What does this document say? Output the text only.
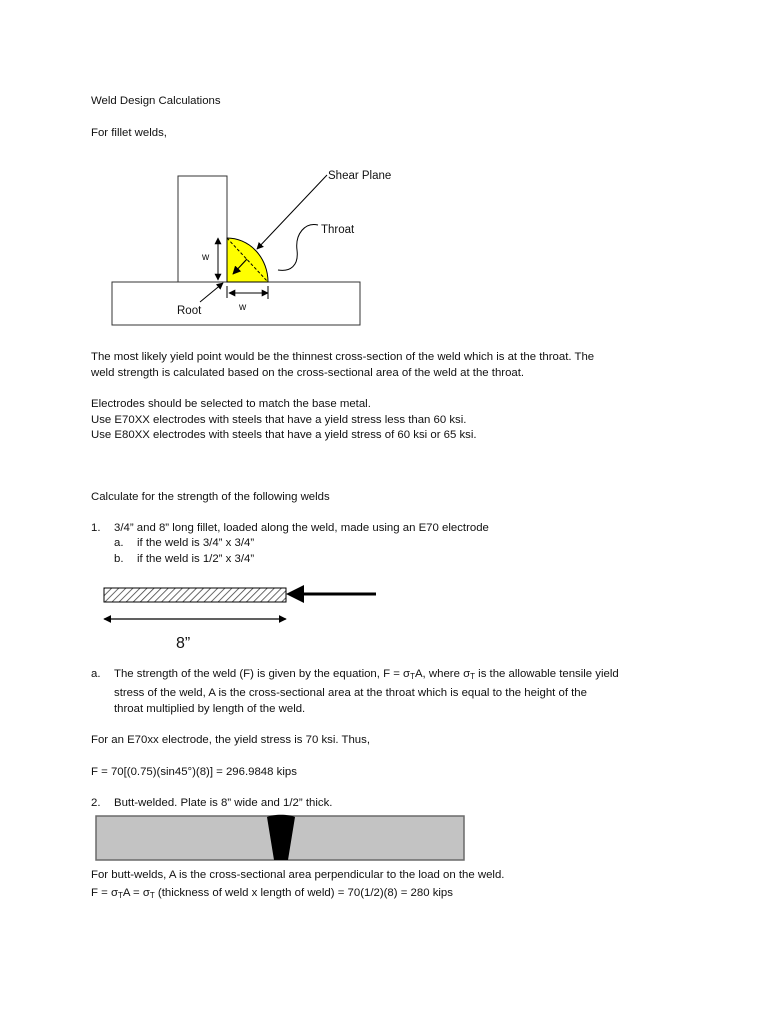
Weld Design Calculations
For fillet welds,
Shear Plane
Throat
Root
w
w
The most likely yield point would be the thinnest cross-section of the weld which is at the throat. The
weld strength is calculated based on the cross-sectional area of the weld at the throat.
Electrodes should be selected to match the base metal.
Use E70XX electrodes with steels that have a yield stress less than 60 ksi.
Use E80XX electrodes with steels that have a yield stress of 60 ksi or 65 ksi.
Calculate for the strength of the following welds
1. 3/4” and 8” long fillet, loaded along the weld, made using an E70 electrode
a. if the weld is 3/4” x 3/4”
b. if the weld is 1/2” x 3/4”
8”
a. The strength of the weld (F) is given by the equation, F = σTA, where σT is the allowable tensile yield
stress of the weld, A is the cross-sectional area at the throat which is equal to the height of the
throat multiplied by length of the weld.
For an E70xx electrode, the yield stress is 70 ksi. Thus,
F = 70[(0.75)(sin45°)(8)] = 296.9848 kips
2. Butt-welded. Plate is 8” wide and 1/2” thick.
For butt-welds, A is the cross-sectional area perpendicular to the load on the weld.
F = σTA = σT (thickness of weld x length of weld) = 70(1/2)(8) = 280 kips
